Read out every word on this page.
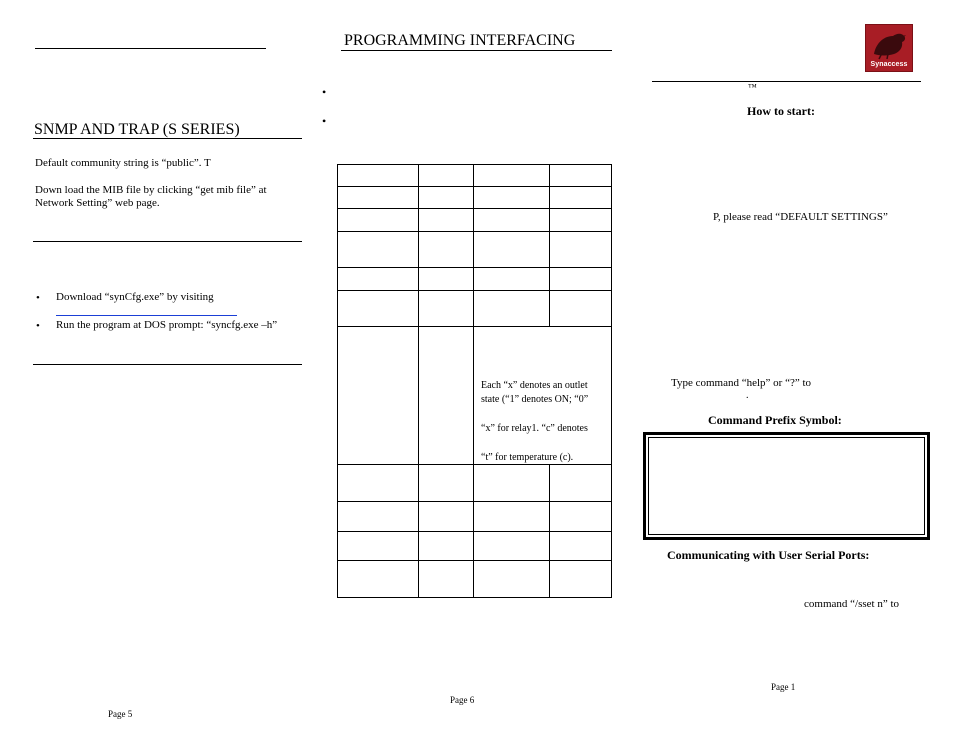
SNMP AND TRAP (S SERIES)
Default community string is “public”. T
Down load the MIB file by clicking “get mib file” at Network Setting” web page.
• Download “synCfg.exe” by visiting
• Run the program at DOS prompt: “syncfg.exe –h”
Page 5
PROGRAMMING INTERFACING
•
•
Each “x” denotes an outlet
state (“1” denotes ON; “0”
“x” for relay1. “c” denotes
“t” for temperature (c).
Page 6
Synaccess
™
How to start:
P, please read “DEFAULT SETTINGS”
Type command “help” or “?” to
.
Command Prefix Symbol:
Communicating with User Serial Ports:
command “/sset n” to
Page 1
